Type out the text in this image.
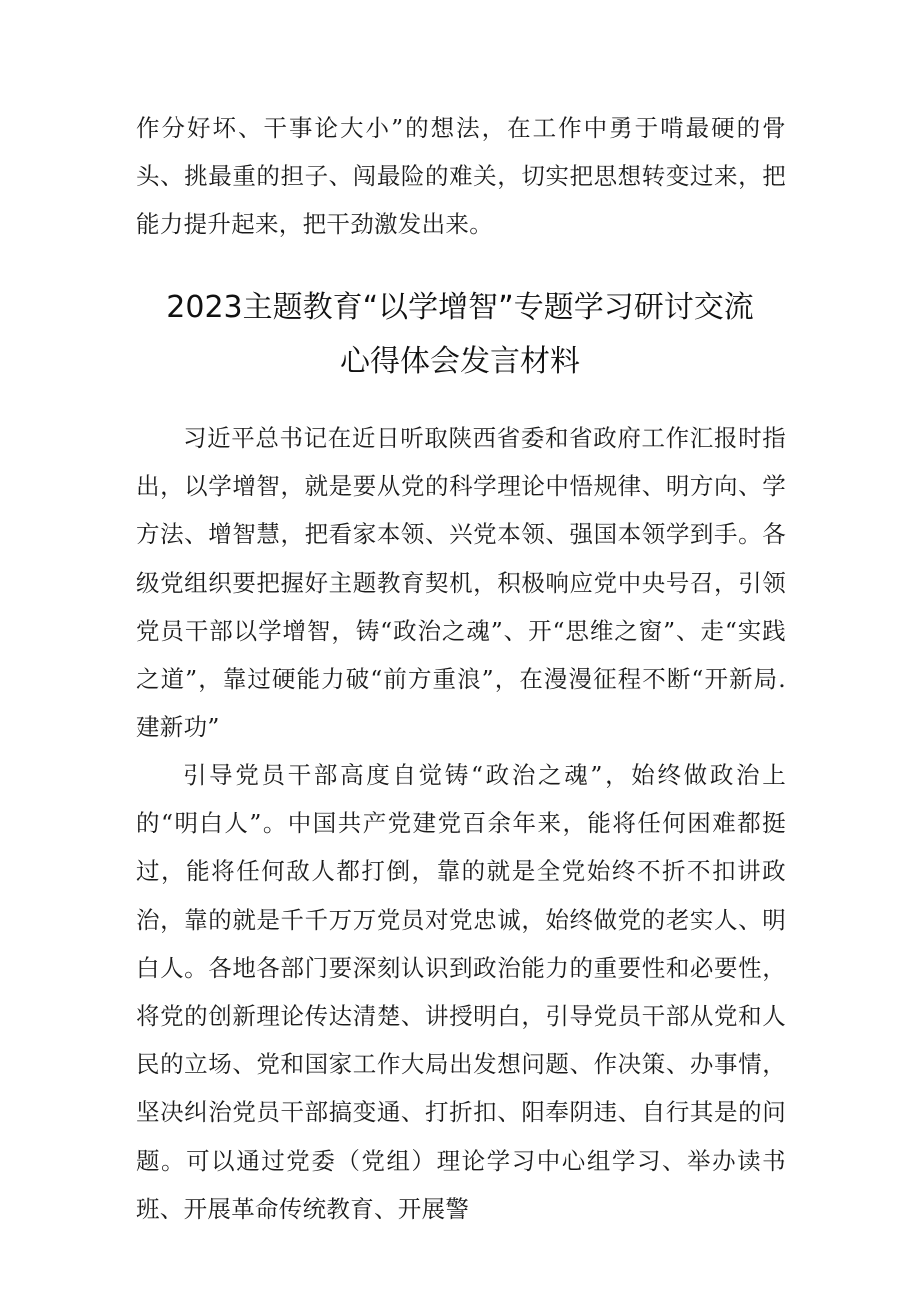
作分好坏、干事论大小”的想法，在工作中勇于啃最硬的骨头、挑最重的担子、闯最险的难关，切实把思想转变过来，把能力提升起来，把干劲激发出来。

2023主题教育“以学增智”专题学习研讨交流
心得体会发言材料

习近平总书记在近日听取陕西省委和省政府工作汇报时指出，以学增智，就是要从党的科学理论中悟规律、明方向、学方法、增智慧，把看家本领、兴党本领、强国本领学到手。各级党组织要把握好主题教育契机，积极响应党中央号召，引领党员干部以学增智，铸“政治之魂”、开“思维之窗”、走“实践之道”，靠过硬能力破“前方重浪”，在漫漫征程不断“开新局.建新功”

引导党员干部高度自觉铸“政治之魂”，始终做政治上的“明白人”。中国共产党建党百余年来，能将任何困难都挺过，能将任何敌人都打倒，靠的就是全党始终不折不扣讲政治，靠的就是千千万万党员对党忠诚，始终做党的老实人、明白人。各地各部门要深刻认识到政治能力的重要性和必要性，将党的创新理论传达清楚、讲授明白，引导党员干部从党和人民的立场、党和国家工作大局出发想问题、作决策、办事情，坚决纠治党员干部搞变通、打折扣、阳奉阴违、自行其是的问题。可以通过党委（党组）理论学习中心组学习、举办读书班、开展革命传统教育、开展警
